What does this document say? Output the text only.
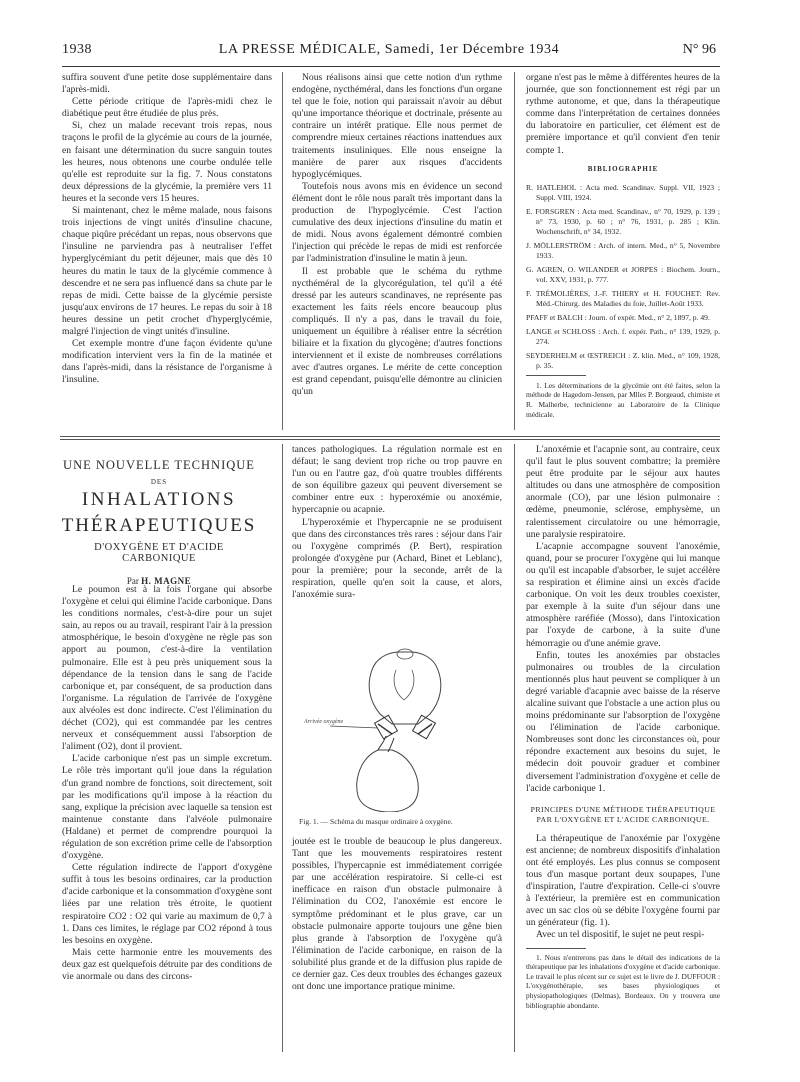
1938	LA PRESSE MÉDICALE, Samedi, 1er Décembre 1934	N° 96

suffira souvent d'une petite dose supplémentaire dans l'après-midi.

Cette période critique de l'après-midi chez le diabétique peut être étudiée de plus près.

Si, chez un malade recevant trois repas, nous traçons le profil de la glycémie au cours de la journée, en faisant une détermination du sucre sanguin toutes les heures, nous obtenons une courbe ondulée telle qu'elle est reproduite sur la fig. 7. Nous constatons deux dépressions de la glycémie, la première vers 11 heures et la seconde vers 15 heures.

Si maintenant, chez le même malade, nous faisons trois injections de vingt unités d'insuline chacune, chaque piqûre précédant un repas, nous observons que l'insuline ne parviendra pas à neutraliser l'effet hyperglycémiant du petit déjeuner, mais que dès 10 heures du matin le taux de la glycémie commence à descendre et ne sera pas influencé dans sa chute par le repas de midi. Cette baisse de la glycémie persiste jusqu'aux environs de 17 heures. Le repas du soir à 18 heures dessine un petit crochet d'hyperglycémie, malgré l'injection de vingt unités d'insuline.

Cet exemple montre d'une façon évidente qu'une modification intervient vers la fin de la matinée et dans l'après-midi, dans la résistance de l'organisme à l'insuline.

Nous réalisons ainsi que cette notion d'un rythme endogène, nycthéméral, dans les fonctions d'un organe tel que le foie, notion qui paraissait n'avoir au début qu'une importance théorique et doctrinale, présente au contraire un intérêt pratique. Elle nous permet de comprendre mieux certaines réactions inattendues aux traitements insuliniques. Elle nous enseigne la manière de parer aux risques d'accidents hypoglycémiques.

Toutefois nous avons mis en évidence un second élément dont le rôle nous paraît très important dans la production de l'hypoglycémie. C'est l'action cumulative des deux injections d'insuline du matin et de midi. Nous avons également démontré combien l'injection qui précède le repas de midi est renforcée par l'administration d'insuline le matin à jeun.

Il est probable que le schéma du rythme nycthéméral de la glycorégulation, tel qu'il a été dressé par les auteurs scandinaves, ne représente pas exactement les faits réels encore beaucoup plus compliqués. Il n'y a pas, dans le travail du foie, uniquement un équilibre à réaliser entre la sécrétion biliaire et la fixation du glycogène; d'autres fonctions interviennent et il existe de nombreuses corrélations avec d'autres organes. Le mérite de cette conception est grand cependant, puisqu'elle démontre au clinicien qu'un

organe n'est pas le même à différentes heures de la journée, que son fonctionnement est régi par un rythme autonome, et que, dans la thérapeutique comme dans l'interprétation de certaines données du laboratoire en particulier, cet élément est de première importance et qu'il convient d'en tenir compte 1.

BIBLIOGRAPHIE
R. HATLEHOL : Acta med. Scandinav. Suppl. VII, 1923 ; Suppl. VIII, 1924.
E. FORSGREN : Acta med. Scandinav., n° 70, 1929, p. 139 ; n° 73, 1930, p. 60 ; n° 76, 1931, p. 285 ; Klin. Wochenschrift, n° 34, 1932.
J. MÖLLERSTRÖM : Arch. of intern. Med., n° 5, Novembre 1933.
G. AGREN, O. WILANDER et JORPES : Biochem. Journ., vol. XXV, 1931, p. 777.
F. TRÉMOLIÈRES, J.-F. THIERY et H. FOUCHET: Rev. Méd.-Chirurg. des Maladies du foie, Juillet-Août 1933.
PFAFF et BALCH : Journ. of expér. Med., n° 2, 1897, p. 49.
LANGE et SCHLOSS : Arch. f. expér. Path., n° 139, 1929, p. 274.
SEYDERHELM et ŒSTREICH : Z. klin. Med., n° 109, 1928, p. 35.

1. Les déterminations de la glycémie ont été faites, selon la méthode de Hagedorn-Jensen, par Mlles P. Borgeaud, chimiste et R. Malherbe, technicienne au Laboratoire de la Clinique médicale.

UNE NOUVELLE TECHNIQUE
DES
INHALATIONS
THÉRAPEUTIQUES
D'OXYGÈNE ET D'ACIDE CARBONIQUE
Par H. MAGNE

Le poumon est à la fois l'organe qui absorbe l'oxygène et celui qui élimine l'acide carbonique. Dans les conditions normales, c'est-à-dire pour un sujet sain, au repos ou au travail, respirant l'air à la pression atmosphérique, le besoin d'oxygène ne règle pas son apport au poumon, c'est-à-dire la ventilation pulmonaire. Elle est à peu près uniquement sous la dépendance de la tension dans le sang de l'acide carbonique et, par conséquent, de sa production dans l'organisme. La régulation de l'arrivée de l'oxygène aux alvéoles est donc indirecte. C'est l'élimination du déchet (CO2), qui est commandée par les centres nerveux et conséquemment aussi l'absorption de l'aliment (O2), dont il provient.

L'acide carbonique n'est pas un simple excretum. Le rôle très important qu'il joue dans la régulation d'un grand nombre de fonctions, soit directement, soit par les modifications qu'il impose à la réaction du sang, explique la précision avec laquelle sa tension est maintenue constante dans l'alvéole pulmonaire (Haldane) et permet de comprendre pourquoi la régulation de son excrétion prime celle de l'absorption d'oxygène.

Cette régulation indirecte de l'apport d'oxygène suffit à tous les besoins ordinaires, car la production d'acide carbonique et la consommation d'oxygène sont liées par une relation très étroite, le quotient respiratoire CO2 : O2 qui varie au maximum de 0,7 à 1. Dans ces limites, le réglage par CO2 répond à tous les besoins en oxygène.

Mais cette harmonie entre les mouvements des deux gaz est quelquefois détruite par des conditions de vie anormale ou dans des circons-

tances pathologiques. La régulation normale est en défaut; le sang devient trop riche ou trop pauvre en l'un ou en l'autre gaz, d'où quatre troubles différents de son équilibre gazeux qui peuvent diversement se combiner entre eux : hyperoxémie ou anoxémie, hypercapnie ou acapnie.

L'hyperoxémie et l'hypercapnie ne se produisent que dans des circonstances très rares : séjour dans l'air ou l'oxygène comprimés (P. Bert), respiration prolongée d'oxygène pur (Achard, Binet et Leblanc), pour la première; pour la seconde, arrêt de la respiration, quelle qu'en soit la cause, et alors, l'anoxémie sura-

Arrivée oxygène
Fig. 1. — Schéma du masque ordinaire à oxygène.

joutée est le trouble de beaucoup le plus dangereux. Tant que les mouvements respiratoires restent possibles, l'hypercapnie est immédiatement corrigée par une accélération respiratoire. Si celle-ci est inefficace en raison d'un obstacle pulmonaire à l'élimination du CO2, l'anoxémie est encore le symptôme prédominant et le plus grave, car un obstacle pulmonaire apporte toujours une gêne bien plus grande à l'absorption de l'oxygène qu'à l'élimination de l'acide carbonique, en raison de la solubilité plus grande et de la diffusion plus rapide de ce dernier gaz. Ces deux troubles des échanges gazeux ont donc une importance pratique minime.

L'anoxémie et l'acapnie sont, au contraire, ceux qu'il faut le plus souvent combattre; la première peut être produite par le séjour aux hautes altitudes ou dans une atmosphère de composition anormale (CO), par une lésion pulmonaire : œdème, pneumonie, sclérose, emphysème, un ralentissement circulatoire ou une hémorragie, une paralysie respiratoire.

L'acapnie accompagne souvent l'anoxémie, quand, pour se procurer l'oxygène qui lui manque ou qu'il est incapable d'absorber, le sujet accélère sa respiration et élimine ainsi un excès d'acide carbonique. On voit les deux troubles coexister, par exemple à la suite d'un séjour dans une atmosphère raréfiée (Mosso), dans l'intoxication par l'oxyde de carbone, à la suite d'une hémorragie ou d'une anémie grave.

Enfin, toutes les anoxémies par obstacles pulmonaires ou troubles de la circulation mentionnés plus haut peuvent se compliquer à un degré variable d'acapnie avec baisse de la réserve alcaline suivant que l'obstacle a une action plus ou moins prédominante sur l'absorption de l'oxygène ou l'élimination de l'acide carbonique. Nombreuses sont donc les circonstances où, pour répondre exactement aux besoins du sujet, le médecin doit pouvoir graduer et combiner diversement l'administration d'oxygène et celle de l'acide carbonique 1.

PRINCIPES D'UNE MÉTHODE THÉRAPEUTIQUE PAR L'OXYGÈNE ET L'ACIDE CARBONIQUE.

La thérapeutique de l'anoxémie par l'oxygène est ancienne; de nombreux dispositifs d'inhalation ont été employés. Les plus connus se composent tous d'un masque portant deux soupapes, l'une d'inspiration, l'autre d'expiration. Celle-ci s'ouvre à l'extérieur, la première est en communication avec un sac clos où se débite l'oxygène fourni par un générateur (fig. 1).

Avec un tel dispositif, le sujet ne peut respi-

1. Nous n'entrerons pas dans le détail des indications de la thérapeutique par les inhalations d'oxygène et d'acide carbonique. Le travail le plus récent sur ce sujet est le livre de J. DUFFOUR : L'oxygénothérapie, ses bases physiologiques et physiopathologiques (Delmas), Bordeaux. On y trouvera une bibliographie abondante.
